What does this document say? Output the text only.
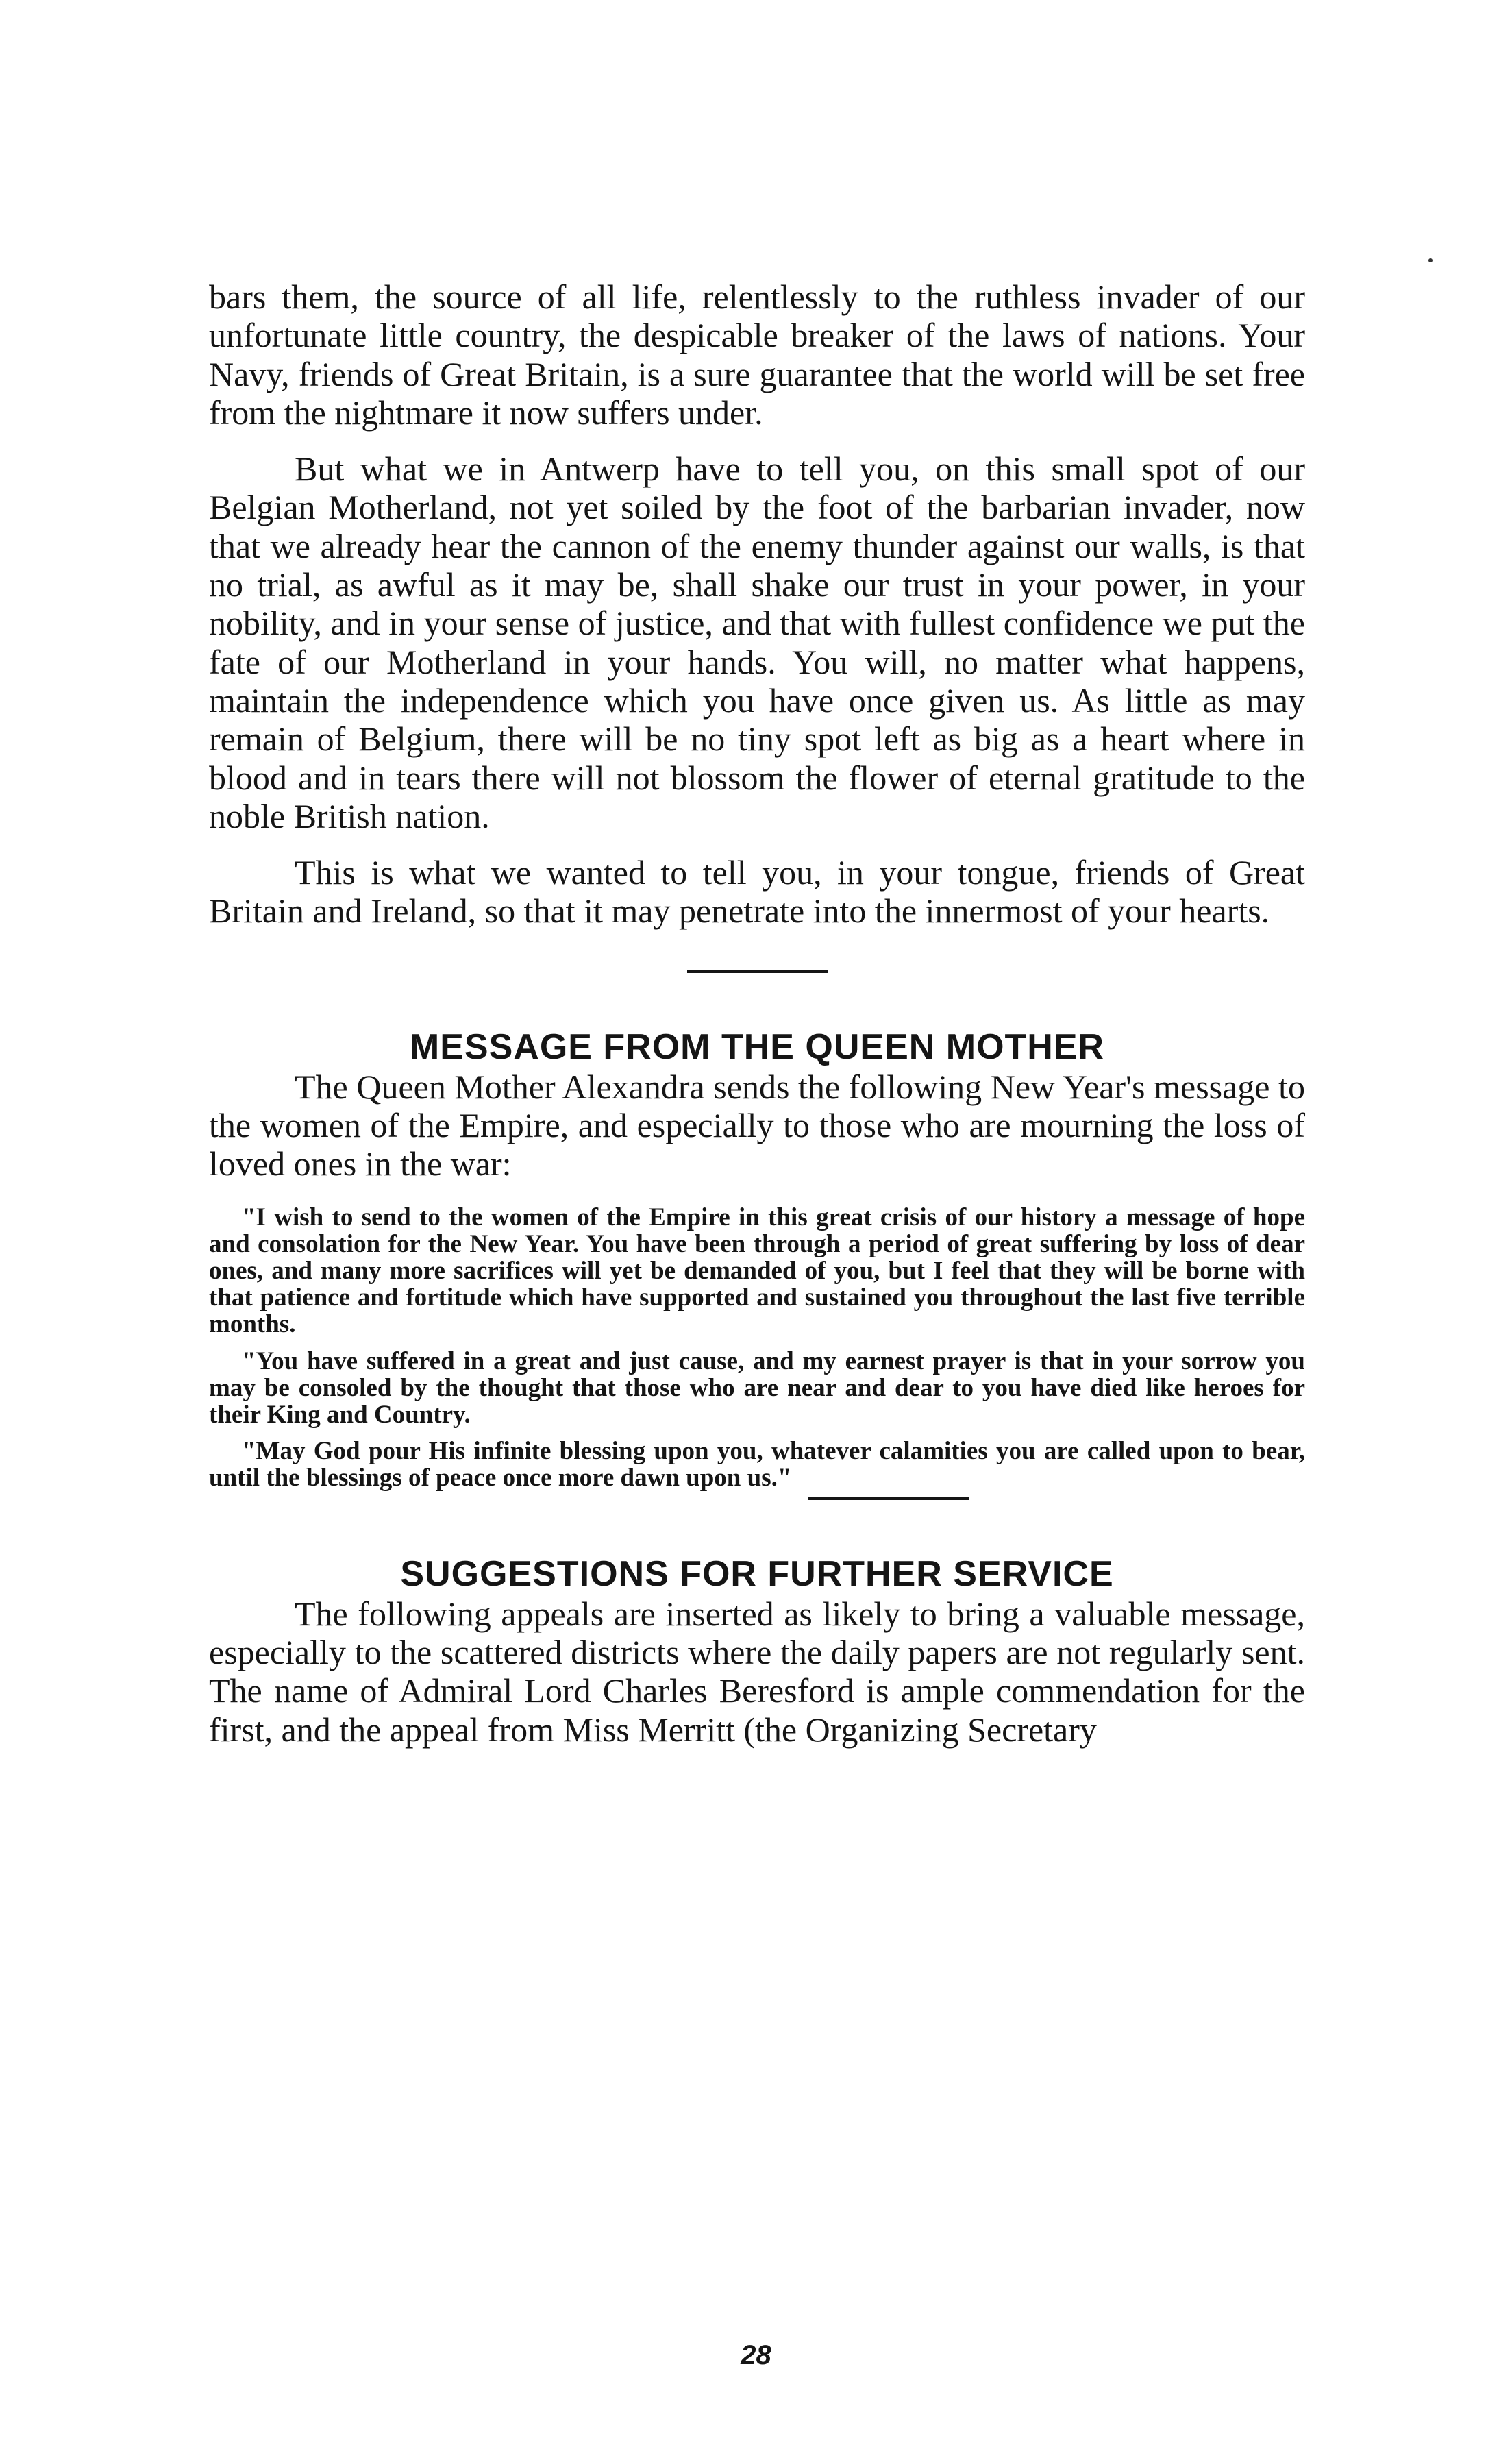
bars them, the source of all life, relentlessly to the ruthless invader of our unfortunate little country, the despicable breaker of the laws of nations. Your Navy, friends of Great Britain, is a sure guarantee that the world will be set free from the nightmare it now suffers under.

But what we in Antwerp have to tell you, on this small spot of our Belgian Motherland, not yet soiled by the foot of the barbarian invader, now that we already hear the cannon of the enemy thunder against our walls, is that no trial, as awful as it may be, shall shake our trust in your power, in your nobility, and in your sense of justice, and that with fullest confidence we put the fate of our Motherland in your hands. You will, no matter what happens, maintain the independence which you have once given us. As little as may remain of Belgium, there will be no tiny spot left as big as a heart where in blood and in tears there will not blossom the flower of eternal gratitude to the noble British nation.

This is what we wanted to tell you, in your tongue, friends of Great Britain and Ireland, so that it may penetrate into the innermost of your hearts.

MESSAGE FROM THE QUEEN MOTHER

The Queen Mother Alexandra sends the following New Year's message to the women of the Empire, and especially to those who are mourning the loss of loved ones in the war:

"I wish to send to the women of the Empire in this great crisis of our history a message of hope and consolation for the New Year. You have been through a period of great suffering by loss of dear ones, and many more sacrifices will yet be demanded of you, but I feel that they will be borne with that patience and fortitude which have supported and sustained you throughout the last five terrible months.

"You have suffered in a great and just cause, and my earnest prayer is that in your sorrow you may be consoled by the thought that those who are near and dear to you have died like heroes for their King and Country.

"May God pour His infinite blessing upon you, whatever calamities you are called upon to bear, until the blessings of peace once more dawn upon us."

SUGGESTIONS FOR FURTHER SERVICE

The following appeals are inserted as likely to bring a valuable message, especially to the scattered districts where the daily papers are not regularly sent. The name of Admiral Lord Charles Beresford is ample commendation for the first, and the appeal from Miss Merritt (the Organizing Secretary

28
